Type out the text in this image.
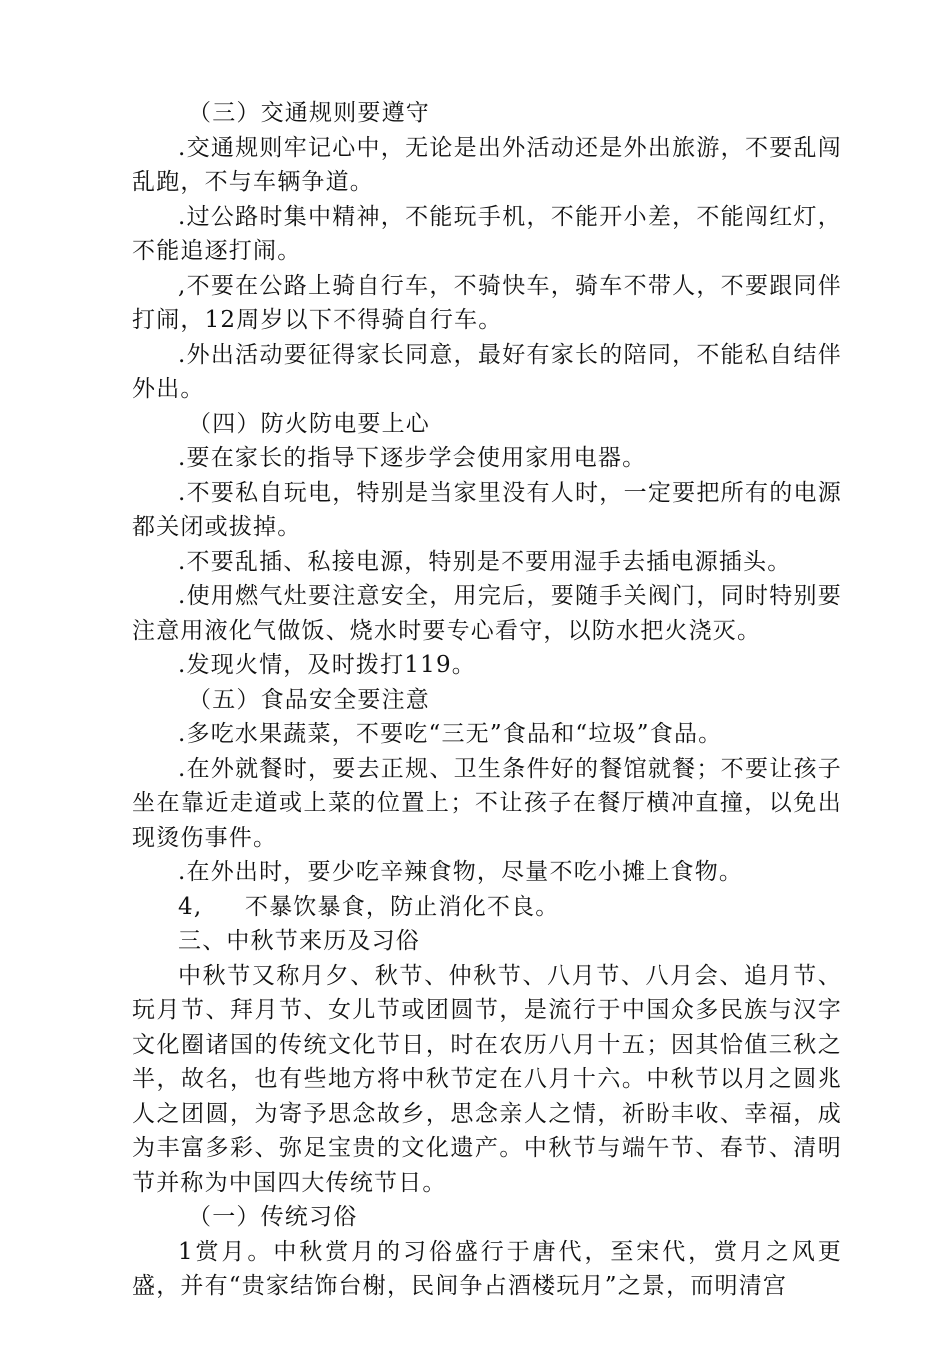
（三）交通规则要遵守

.交通规则牢记心中，无论是出外活动还是外出旅游，不要乱闯乱跑，不与车辆争道。

.过公路时集中精神，不能玩手机，不能开小差，不能闯红灯，不能追逐打闹。

,不要在公路上骑自行车，不骑快车，骑车不带人，不要跟同伴打闹，12周岁以下不得骑自行车。

.外出活动要征得家长同意，最好有家长的陪同，不能私自结伴外出。

（四）防火防电要上心

.要在家长的指导下逐步学会使用家用电器。

.不要私自玩电，特别是当家里没有人时，一定要把所有的电源都关闭或拔掉。

.不要乱插、私接电源，特别是不要用湿手去插电源插头。

.使用燃气灶要注意安全，用完后，要随手关阀门，同时特别要注意用液化气做饭、烧水时要专心看守，以防水把火浇灭。

.发现火情，及时拨打119。

（五）食品安全要注意

.多吃水果蔬菜，不要吃“三无”食品和“垃圾”食品。

.在外就餐时，要去正规、卫生条件好的餐馆就餐；不要让孩子坐在靠近走道或上菜的位置上；不让孩子在餐厅横冲直撞，以免出现烫伤事件。

.在外出时，要少吃辛辣食物，尽量不吃小摊上食物。

4,     不暴饮暴食，防止消化不良。

三、中秋节来历及习俗

中秋节又称月夕、秋节、仲秋节、八月节、八月会、追月节、玩月节、拜月节、女儿节或团圆节，是流行于中国众多民族与汉字文化圈诸国的传统文化节日，时在农历八月十五；因其恰值三秋之半，故名，也有些地方将中秋节定在八月十六。中秋节以月之圆兆人之团圆，为寄予思念故乡，思念亲人之情，祈盼丰收、幸福，成为丰富多彩、弥足宝贵的文化遗产。中秋节与端午节、春节、清明节并称为中国四大传统节日。

（一）传统习俗

1赏月。中秋赏月的习俗盛行于唐代，至宋代，赏月之风更盛，并有“贵家结饰台榭，民间争占酒楼玩月”之景，而明清宫
